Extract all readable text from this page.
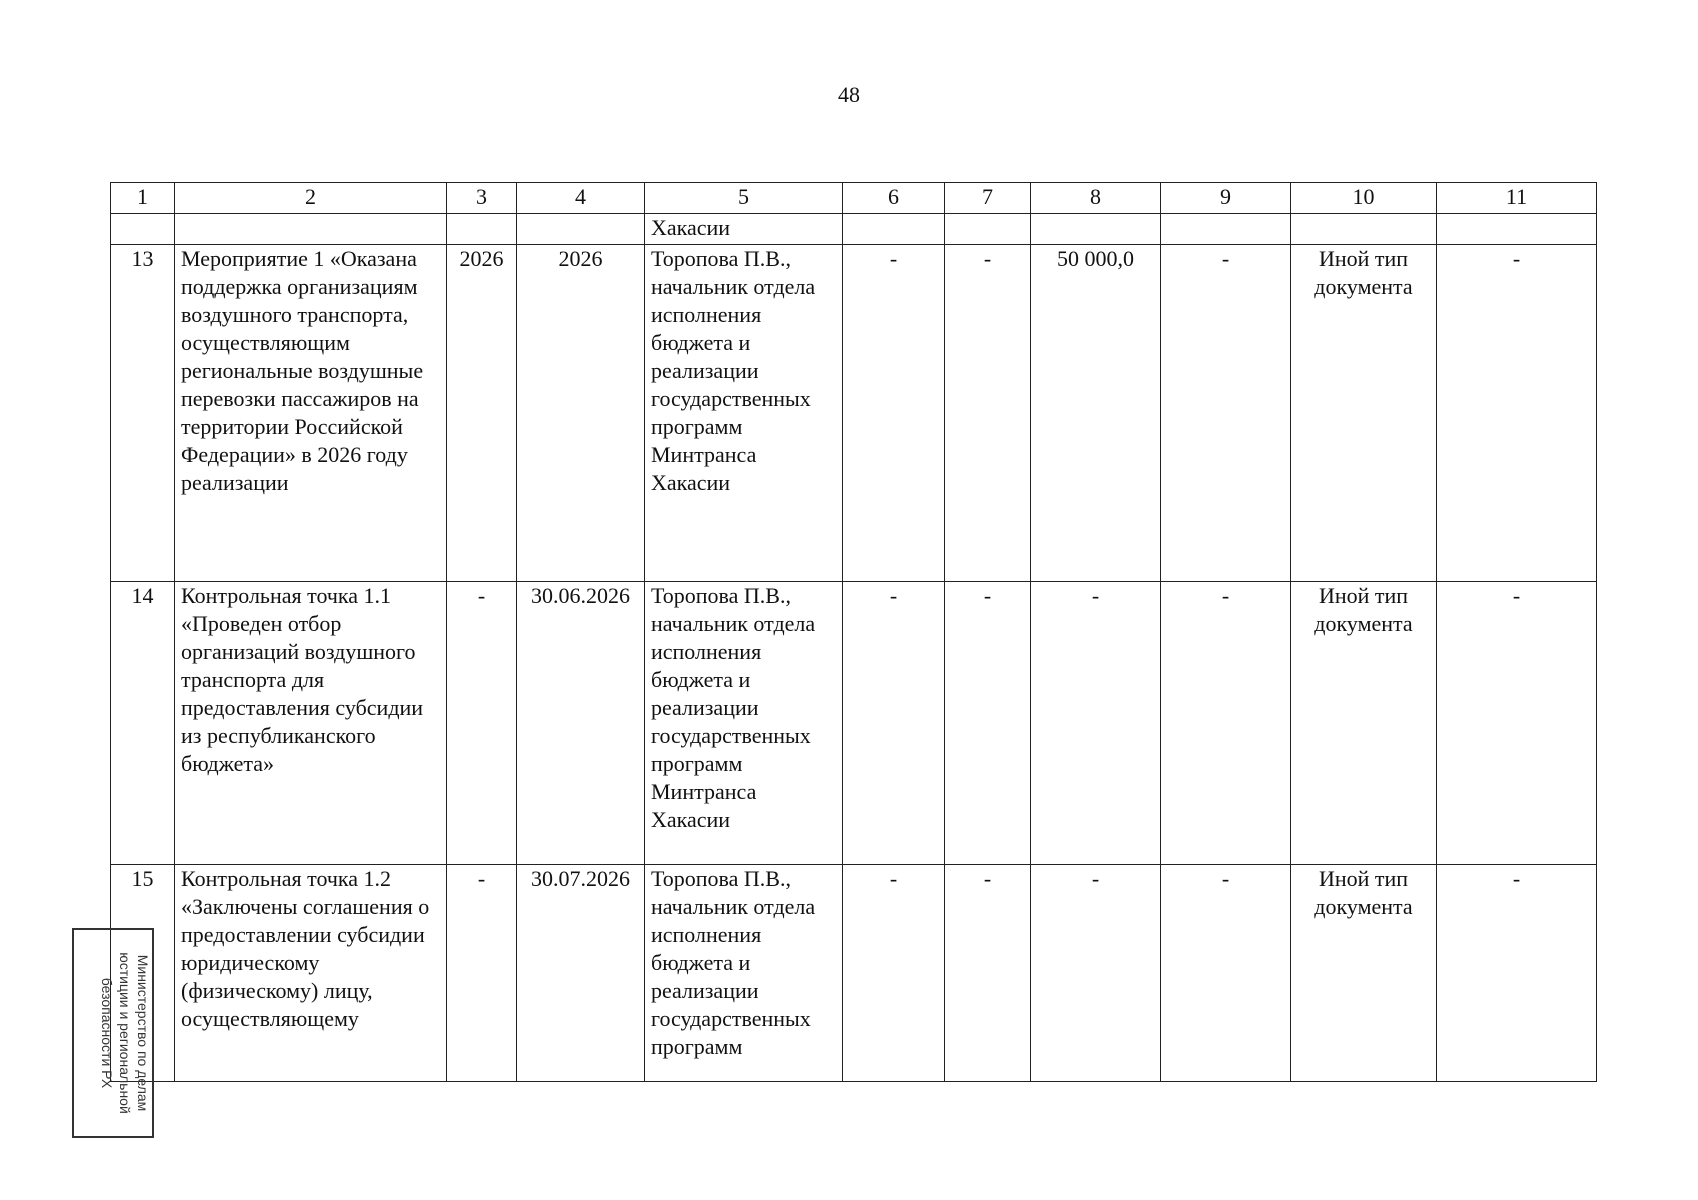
48
1	2	3	4	5	6	7	8	9	10	11
				Хакасии						
13	Мероприятие 1 «Оказана поддержка организациям воздушного транспорта, осуществляющим региональные воздушные перевозки пассажиров на территории Российской Федерации» в 2026 году реализации	2026	2026	Торопова П.В., начальник отдела исполнения бюджета и реализации государственных программ Минтранса Хакасии	-	-	50 000,0	-	Иной тип документа	-
14	Контрольная точка 1.1 «Проведен отбор организаций воздушного транспорта для предоставления субсидии из республиканского бюджета»	-	30.06.2026	Торопова П.В., начальник отдела исполнения бюджета и реализации государственных программ Минтранса Хакасии	-	-	-	-	Иной тип документа	-
15	Контрольная точка 1.2 «Заключены соглашения о предоставлении субсидии юридическому (физическому) лицу, осуществляющему	-	30.07.2026	Торопова П.В., начальник отдела исполнения бюджета и реализации государственных программ	-	-	-	-	Иной тип документа	-
Министерство по делам юстиции и региональной безопасности РХ
